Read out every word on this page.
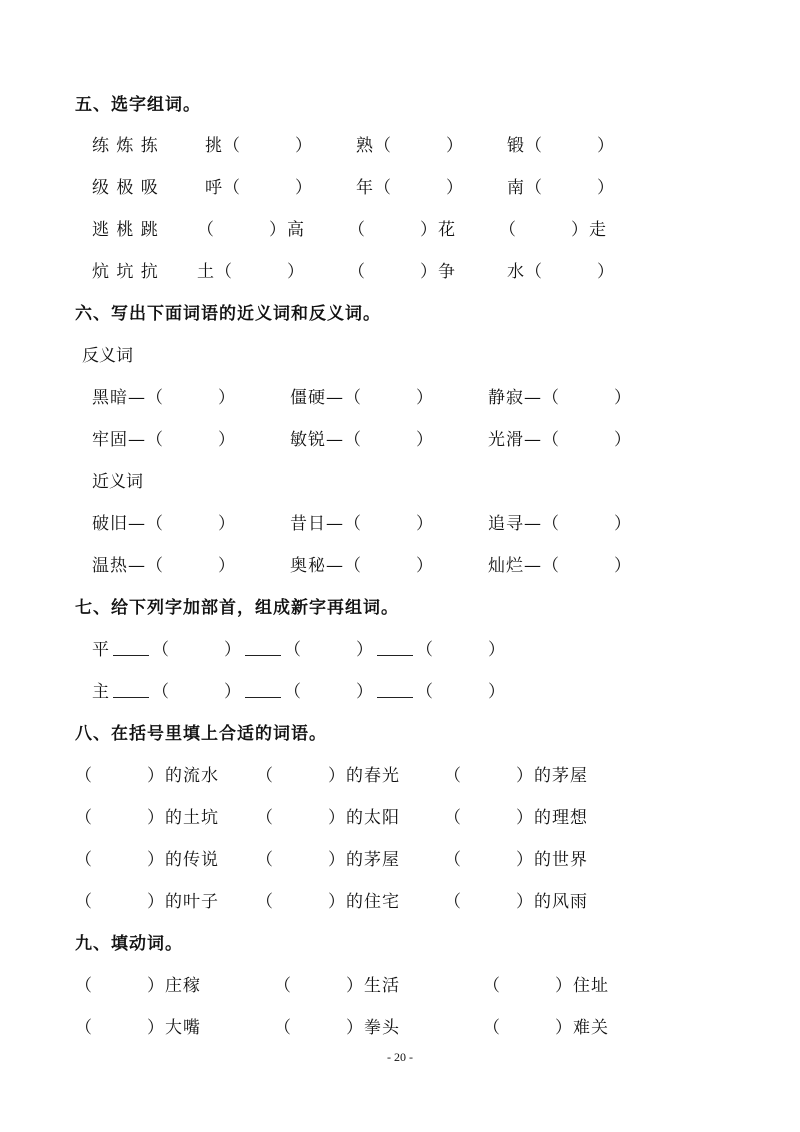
五、选字组词。
练 炼 拣	挑（　　　）	熟（　　　）	锻（　　　）
级 极 吸	呼（　　　）	年（　　　）	南（　　　）
逃 桃 跳 （　　　）高	（　　　）花	（　　　）走
炕 坑 抗 土（　　　）	（　　　）争	水（　　　）
六、写出下面词语的近义词和反义词。
反义词
黑暗—（　　　）	僵硬—（　　　）	静寂—（　　　）
牢固—（　　　）	敏锐—（　　　）	光滑—（　　　）
近义词
破旧—（　　　）	昔日—（　　　）	追寻—（　　　）
温热—（　　　）	奥秘—（　　　）	灿烂—（　　　）
七、给下列字加部首，组成新字再组词。
平 （　　　） （　　　） （　　　）
主 （　　　） （　　　） （　　　）
八、在括号里填上合适的词语。
（　　　）的流水 （　　　）的春光	（　　　）的茅屋
（　　　）的土坑 （　　　）的太阳	（　　　）的理想
（　　　）的传说 （　　　）的茅屋	（　　　）的世界
（　　　）的叶子 （　　　）的住宅	（　　　）的风雨
九、填动词。
（　　　）庄稼	（　　　）生活	（　　　）住址
（　　　）大嘴	（　　　）拳头	（　　　）难关
- 20 -
